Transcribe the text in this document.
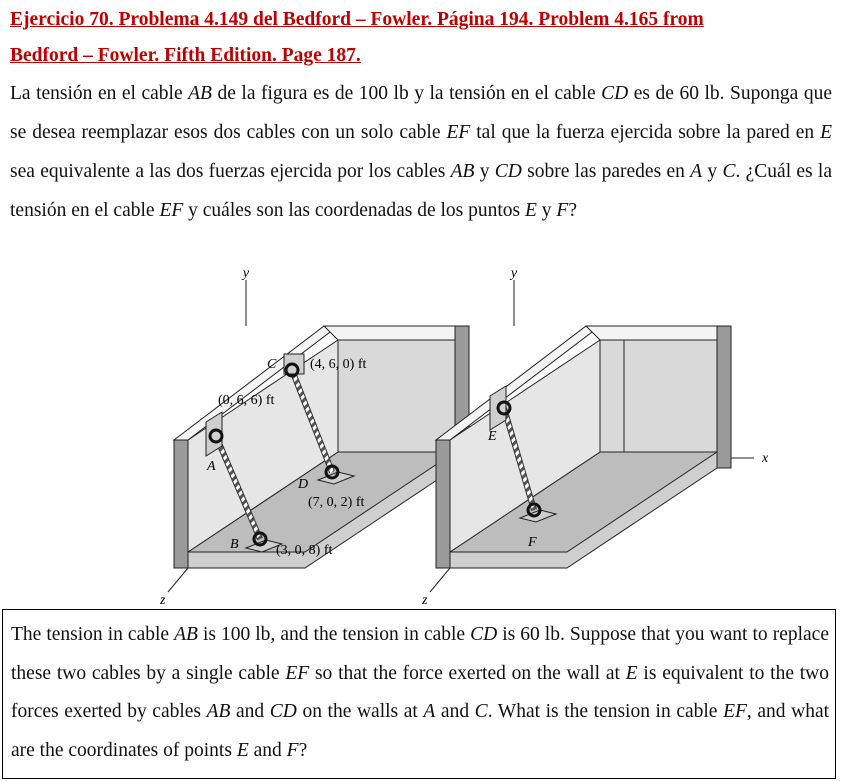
Ejercicio 70. Problema 4.149 del Bedford – Fowler. Página 194. Problem 4.165 from
Bedford – Fowler. Fifth Edition. Page 187.
La tensión en el cable AB de la figura es de 100 lb y la tensión en el cable CD es de 60 lb. Suponga que se desea reemplazar esos dos cables con un solo cable EF tal que la fuerza ejercida sobre la pared en E sea equivalente a las dos fuerzas ejercida por los cables AB y CD sobre las paredes en A y C. ¿Cuál es la tensión en el cable EF y cuáles son las coordenadas de los puntos E y F?
y
z
A
B
C
D
(0, 6, 6) ft
(3, 0, 8) ft
(4, 6, 0) ft
(7, 0, 2) ft
y
x
z
E
F
The tension in cable AB is 100 lb, and the tension in cable CD is 60 lb. Suppose that you want to replace these two cables by a single cable EF so that the force exerted on the wall at E is equivalent to the two forces exerted by cables AB and CD on the walls at A and C. What is the tension in cable EF, and what are the coordinates of points E and F?
